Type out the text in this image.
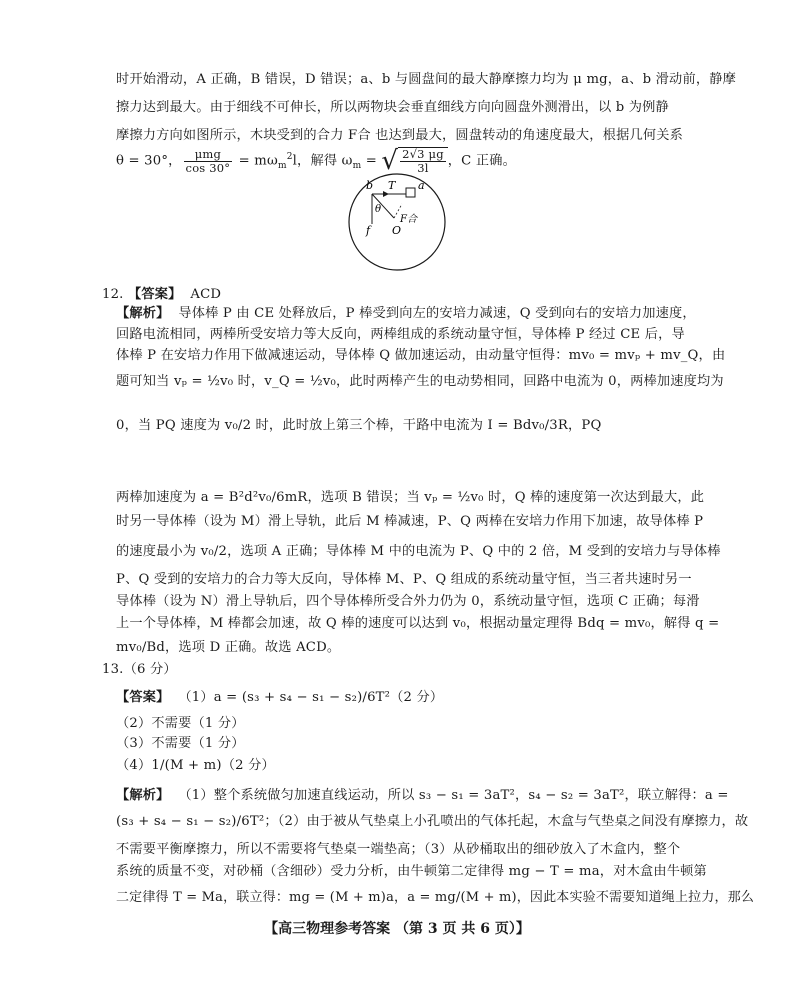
时开始滑动，A 正确，B 错误，D 错误；a、b 与圆盘间的最大静摩擦力均为 μ mg，a、b 滑动前，静摩
擦力达到最大。由于细线不可伸长，所以两物块会垂直细线方向向圆盘外测滑出，以 b 为例静
摩擦力方向如图所示，木块受到的合力 F合 也达到最大，圆盘转动的角速度最大，根据几何关系
θ = 30°， $\frac{\text{μmg}}{\cos 30^\circ} = m\omega_m^2l$，解得 $\omega_m$ = √ $\frac{2√3 \mu g}{3l}$ ，C 正确。
b T a
θ
f O
F合
12. 【答案】 ACD
【解析】 导体棒 P 由 CE 处释放后，P 棒受到向左的安培力减速，Q 受到向右的安培力加速度，
回路电流相同，两棒所受安培力等大反向，两棒组成的系统动量守恒，导体棒 P 经过 CE 后，导
体棒 P 在安培力作用下做减速运动，导体棒 Q 做加速运动，由动量守恒得：mv₀ = mvₚ + mv_Q，由
题可知当 vₚ = ½v₀ 时，v_Q = ½v₀，此时两棒产生的电动势相同，回路中电流为 0，两棒加速度均为
0，当 PQ 速度为 v₀/2 时，此时放上第三个棒，干路中电流为 I = Bdv₀/3R，PQ
两棒加速度为 a = B²d²v₀/6mR，选项 B 错误；当 vₚ = ½v₀ 时，Q 棒的速度第一次达到最大，此
时另一导体棒（设为 M）滑上导轨，此后 M 棒减速，P、Q 两棒在安培力作用下加速，故导体棒 P
的速度最小为 v₀/2，选项 A 正确；导体棒 M 中的电流为 P、Q 中的 2 倍，M 受到的安培力与导体棒
P、Q 受到的安培力的合力等大反向，导体棒 M、P、Q 组成的系统动量守恒，当三者共速时另一
导体棒（设为 N）滑上导轨后，四个导体棒所受合外力仍为 0，系统动量守恒，选项 C 正确；每滑
上一个导体棒，M 棒都会加速，故 Q 棒的速度可以达到 v₀，根据动量定理得 Bdq = mv₀，解得 q =
mv₀/Bd，选项 D 正确。故选 ACD。
13.（6 分）
【答案】 （1）a = (s₃ + s₄ − s₁ − s₂)/6T²（2 分）
（2）不需要（1 分）
（3）不需要（1 分）
（4）1/(M + m)（2 分）
【解析】 （1）整个系统做匀加速直线运动，所以 s₃ − s₁ = 3aT²，s₄ − s₂ = 3aT²，联立解得：a =
(s₃ + s₄ − s₁ − s₂)/6T²；（2）由于被从气垫桌上小孔喷出的气体托起，木盒与气垫桌之间没有摩擦力，故
不需要平衡摩擦力，所以不需要将气垫桌一端垫高；（3）从砂桶取出的细砂放入了木盒内，整个
系统的质量不变，对砂桶（含细砂）受力分析，由牛顿第二定律得 mg − T = ma，对木盒由牛顿第
二定律得 T = Ma，联立得：mg = (M + m)a，a = mg/(M + m)，因此本实验不需要知道绳上拉力，那么
【高三物理参考答案 （第 3 页 共 6 页）】
